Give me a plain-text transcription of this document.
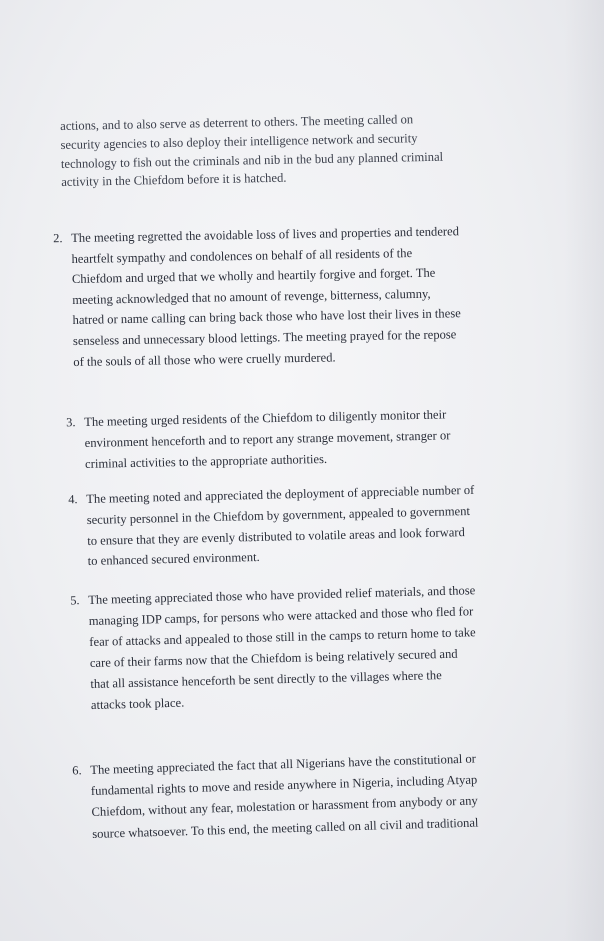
actions, and to also serve as deterrent to others. The meeting called on
security agencies to also deploy their intelligence network and security
technology to fish out the criminals and nib in the bud any planned criminal
activity in the Chiefdom before it is hatched.
2. The meeting regretted the avoidable loss of lives and properties and tendered
heartfelt sympathy and condolences on behalf of all residents of the
Chiefdom and urged that we wholly and heartily forgive and forget. The
meeting acknowledged that no amount of revenge, bitterness, calumny,
hatred or name calling can bring back those who have lost their lives in these
senseless and unnecessary blood lettings. The meeting prayed for the repose
of the souls of all those who were cruelly murdered.
3. The meeting urged residents of the Chiefdom to diligently monitor their
environment henceforth and to report any strange movement, stranger or
criminal activities to the appropriate authorities.
4. The meeting noted and appreciated the deployment of appreciable number of
security personnel in the Chiefdom by government, appealed to government
to ensure that they are evenly distributed to volatile areas and look forward
to enhanced secured environment.
5. The meeting appreciated those who have provided relief materials, and those
managing IDP camps, for persons who were attacked and those who fled for
fear of attacks and appealed to those still in the camps to return home to take
care of their farms now that the Chiefdom is being relatively secured and
that all assistance henceforth be sent directly to the villages where the
attacks took place.
6. The meeting appreciated the fact that all Nigerians have the constitutional or
fundamental rights to move and reside anywhere in Nigeria, including Atyap
Chiefdom, without any fear, molestation or harassment from anybody or any
source whatsoever. To this end, the meeting called on all civil and traditional
